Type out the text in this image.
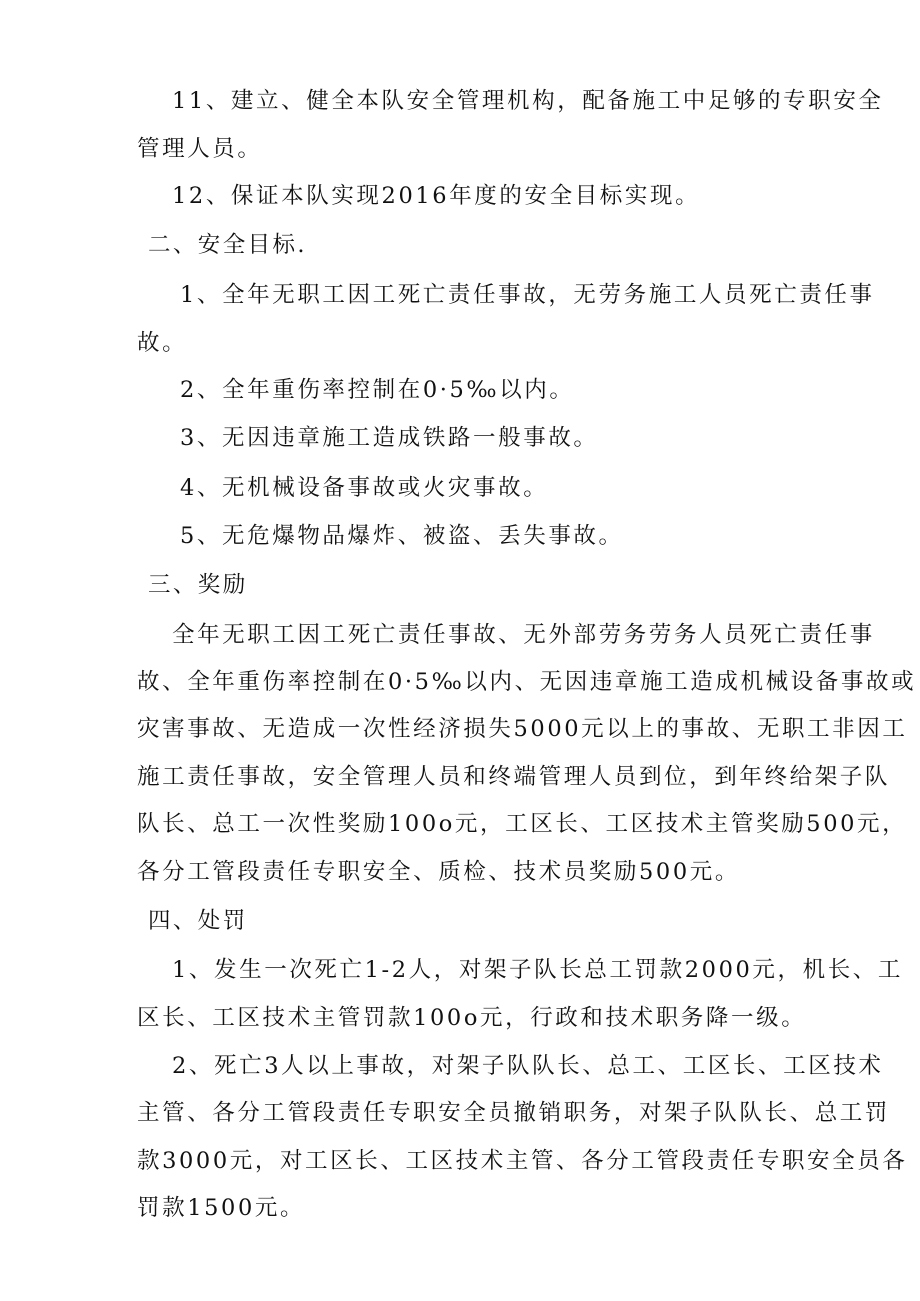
11、建立、健全本队安全管理机构，配备施工中足够的专职安全

管理人员。

12、保证本队实现2016年度的安全目标实现。

二、安全目标.

1、全年无职工因工死亡责任事故，无劳务施工人员死亡责任事

故。

2、全年重伤率控制在0·5‰以内。

3、无因违章施工造成铁路一般事故。

4、无机械设备事故或火灾事故。

5、无危爆物品爆炸、被盗、丢失事故。

三、奖励

全年无职工因工死亡责任事故、无外部劳务劳务人员死亡责任事

故、全年重伤率控制在0·5‰以内、无因违章施工造成机械设备事故或

灾害事故、无造成一次性经济损失5000元以上的事故、无职工非因工

施工责任事故，安全管理人员和终端管理人员到位，到年终给架子队

队长、总工一次性奖励100o元，工区长、工区技术主管奖励500元，

各分工管段责任专职安全、质检、技术员奖励500元。

四、处罚

1、发生一次死亡1-2人，对架子队长总工罚款2000元，机长、工

区长、工区技术主管罚款100o元，行政和技术职务降一级。

2、死亡3人以上事故，对架子队队长、总工、工区长、工区技术

主管、各分工管段责任专职安全员撤销职务，对架子队队长、总工罚

款3000元，对工区长、工区技术主管、各分工管段责任专职安全员各

罚款1500元。
